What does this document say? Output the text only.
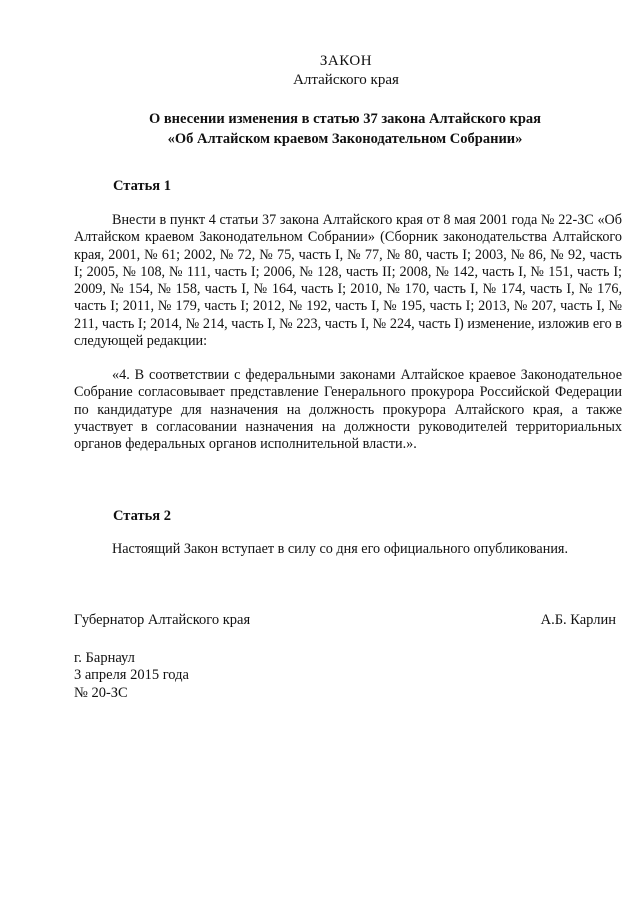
ЗАКОН
Алтайского края
О внесении изменения в статью 37 закона Алтайского края
«Об Алтайском краевом Законодательном Собрании»
Статья 1

Внести в пункт 4 статьи 37 закона Алтайского края от 8 мая 2001 года № 22-ЗС «Об Алтайском краевом Законодательном Собрании» (Сборник законодательства Алтайского края, 2001, № 61; 2002, № 72, № 75, часть I, № 77, № 80, часть I; 2003, № 86, № 92, часть I; 2005, № 108, № 111, часть I; 2006, № 128, часть II; 2008, № 142, часть I, № 151, часть I; 2009, № 154, № 158, часть I, № 164, часть I; 2010, № 170, часть I, № 174, часть I, № 176, часть I; 2011, № 179, часть I; 2012, № 192, часть I, № 195, часть I; 2013, № 207, часть I, № 211, часть I; 2014, № 214, часть I, № 223, часть I, № 224, часть I) изменение, изложив его в следующей редакции:

«4. В соответствии с федеральными законами Алтайское краевое Законодательное Собрание согласовывает представление Генерального прокурора Российской Федерации по кандидатуре для назначения на должность прокурора Алтайского края, а также участвует в согласовании назначения на должности руководителей территориальных органов федеральных органов исполнительной власти.».

Статья 2

Настоящий Закон вступает в силу со дня его официального опубликования.

Губернатор Алтайского края	А.Б. Карлин
г. Барнаул
3 апреля 2015 года
№ 20-ЗС
